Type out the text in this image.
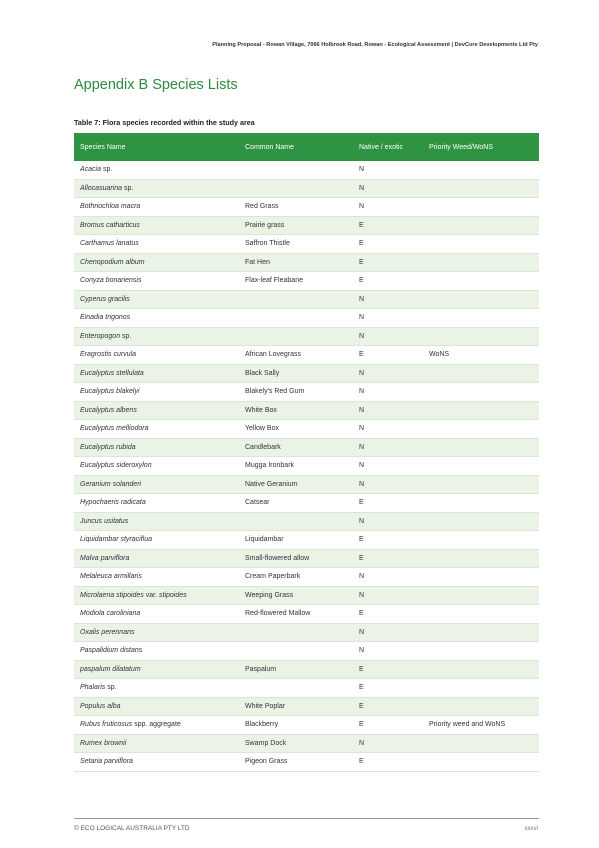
Planning Proposal - Rowan Village, 7066 Holbrook Road, Rowan - Ecological Assessment | DevCore Developments Ltd Pty
Appendix B Species Lists
Table 7: Flora species recorded within the study area
Species Name	Common Name	Native / exotic	Priority Weed/WoNS
Acacia sp.		N	
Allocasuarina sp.		N	
Bothriochloa macra	Red Grass	N	
Bromus catharticus	Prairie grass	E	
Carthamus lanatus	Saffron Thistle	E	
Chenopodium album	Fat Hen	E	
Conyza bonariensis	Flax-leaf Fleabane	E	
Cyperus gracilis		N	
Einadia trigonos		N	
Enteropogon sp.		N	
Eragrostis curvula	African Lovegrass	E	WoNS
Eucalyptus stellulata	Black Sally	N	
Eucalyptus blakelyi	Blakely's Red Gum	N	
Eucalyptus albens	White Box	N	
Eucalyptus melliodora	Yellow Box	N	
Eucalyptus rubida	Candlebark	N	
Eucalyptus sideroxylon	Mugga Ironbark	N	
Geranium solanderi	Native Geranium	N	
Hypochaeris radicata	Catsear	E	
Juncus usitatus		N	
Liquidambar styraciflua	Liquidambar	E	
Malva parviflora	Small-flowered allow	E	
Melaleuca armillaris	Cream Paperbark	N	
Microlaena stipoides var. stipoides	Weeping Grass	N	
Modiola caroliniana	Red-flowered Mallow	E	
Oxalis perennans		N	
Paspalidium distans		N	
paspalum dilatatum	Paspalum	E	
Phalaris sp.		E	
Populus alba	White Poplar	E	
Rubus fruticosus spp. aggregate	Blackberry	E	Priority weed and WoNS
Rumex brownii	Swamp Dock	N	
Setaria parviflora	Pigeon Grass	E	
© ECO LOGICAL AUSTRALIA PTY LTD	xxxvi
